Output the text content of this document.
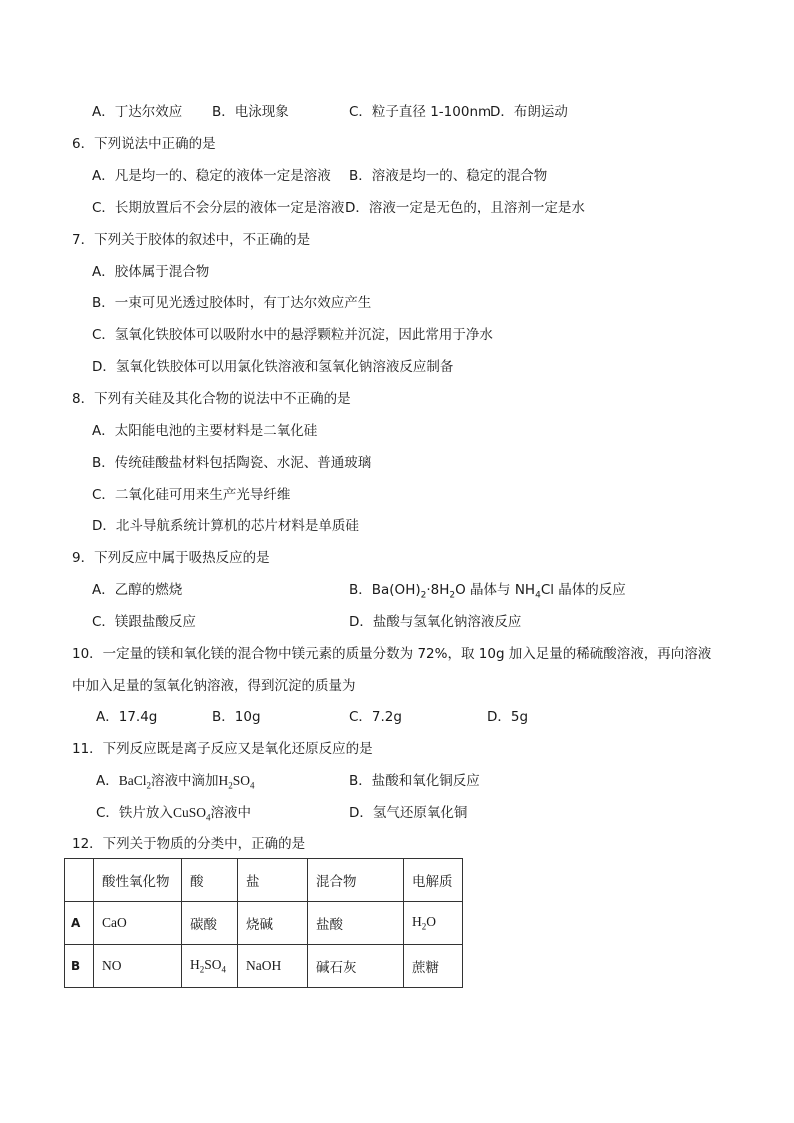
A．丁达尔效应 B．电泳现象	C．粒子直径 1-100nm
D．布朗运动
6．下列说法中正确的是
A．凡是均一的、稳定的液体一定是溶液 B．溶液是均一的、稳定的混合物
C．长期放置后不会分层的液体一定是溶液 D．溶液一定是无色的，且溶剂一定是水
7．下列关于胶体的叙述中，不正确的是
A．胶体属于混合物
B．一束可见光透过胶体时，有丁达尔效应产生
C．氢氧化铁胶体可以吸附水中的悬浮颗粒并沉淀，因此常用于净水
D．氢氧化铁胶体可以用氯化铁溶液和氢氧化钠溶液反应制备
8．下列有关硅及其化合物的说法中不正确的是
A．太阳能电池的主要材料是二氧化硅
B．传统硅酸盐材料包括陶瓷、水泥、普通玻璃
C．二氧化硅可用来生产光导纤维
D．北斗导航系统计算机的芯片材料是单质硅
9．下列反应中属于吸热反应的是
A．乙醇的燃烧	B．$Ba(OH)_2\cdot 8H_2O$ 晶体与 $NH_4Cl$ 晶体的反应
C．镁跟盐酸反应	D．盐酸与氢氧化钠溶液反应
10．一定量的镁和氧化镁的混合物中镁元素的质量分数为 72%，取 10g 加入足量的稀硫酸溶液，再向溶液
中加入足量的氢氧化钠溶液，得到沉淀的质量为
A．17.4g	B．10g	C．7.2g	D．5g
11．下列反应既是离子反应又是氧化还原反应的是
A．BaCl$_2$溶液中滴加$H_2SO_4$	B．盐酸和氧化铜反应
C．铁片放入CuSO$_4$溶液中	D．氢气还原氧化铜
12．下列关于物质的分类中，正确的是
	酸性氧化物	酸	盐	混合物	电解质
A	CaO	碳酸	烧碱	盐酸	$H_2O$
B	NO	$H_2SO_4$	NaOH	碱石灰	蔗糖
